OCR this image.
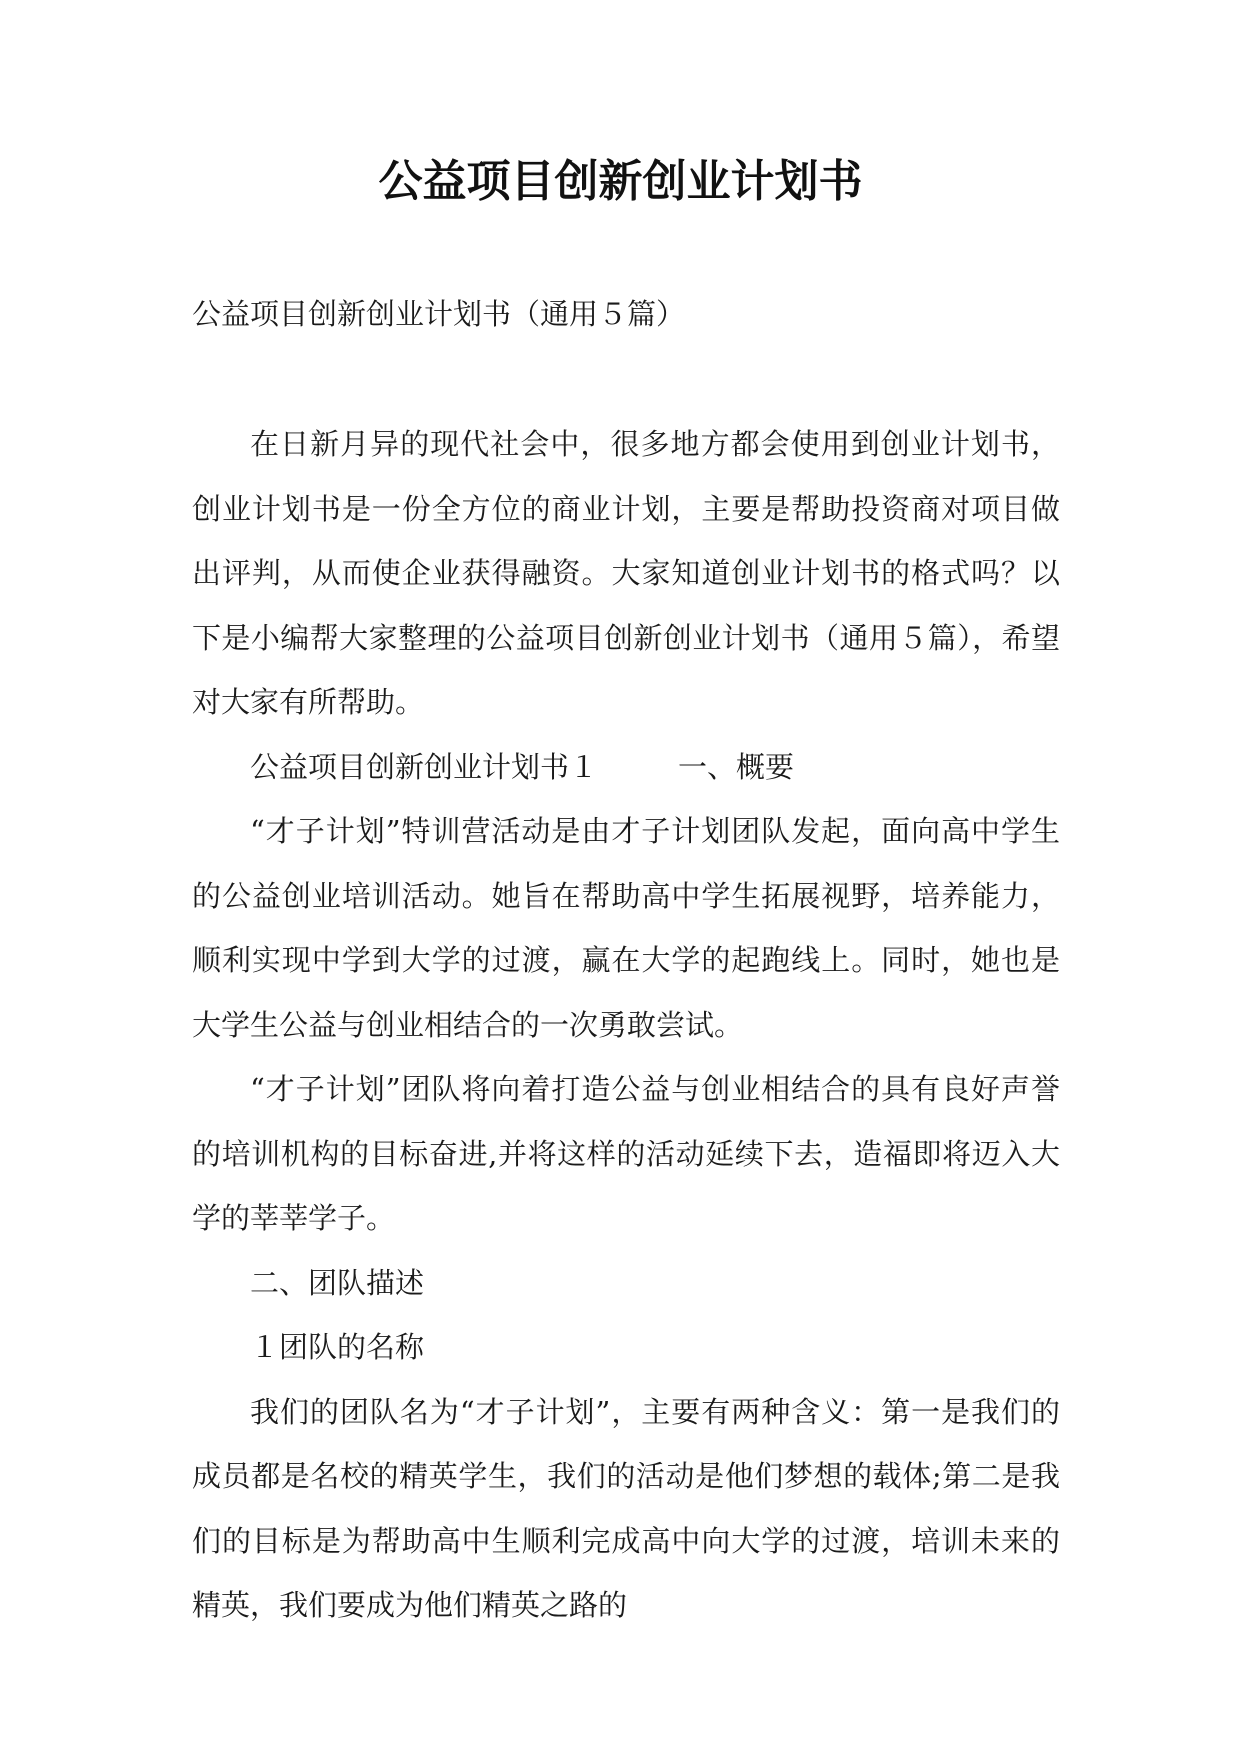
公益项目创新创业计划书

公益项目创新创业计划书（通用５篇）

在日新月异的现代社会中，很多地方都会使用到创业计划书，创业计划书是一份全方位的商业计划，主要是帮助投资商对项目做出评判，从而使企业获得融资。大家知道创业计划书的格式吗？以下是小编帮大家整理的公益项目创新创业计划书（通用５篇），希望对大家有所帮助。

公益项目创新创业计划书１	一、概要

“才子计划”特训营活动是由才子计划团队发起，面向高中学生的公益创业培训活动。她旨在帮助高中学生拓展视野，培养能力，顺利实现中学到大学的过渡，赢在大学的起跑线上。同时，她也是大学生公益与创业相结合的一次勇敢尝试。

“才子计划”团队将向着打造公益与创业相结合的具有良好声誉的培训机构的目标奋进,并将这样的活动延续下去，造福即将迈入大学的莘莘学子。

二、团队描述

１团队的名称

我们的团队名为“才子计划”，主要有两种含义：第一是我们的成员都是名校的精英学生，我们的活动是他们梦想的载体;第二是我们的目标是为帮助高中生顺利完成高中向大学的过渡，培训未来的精英，我们要成为他们精英之路的
